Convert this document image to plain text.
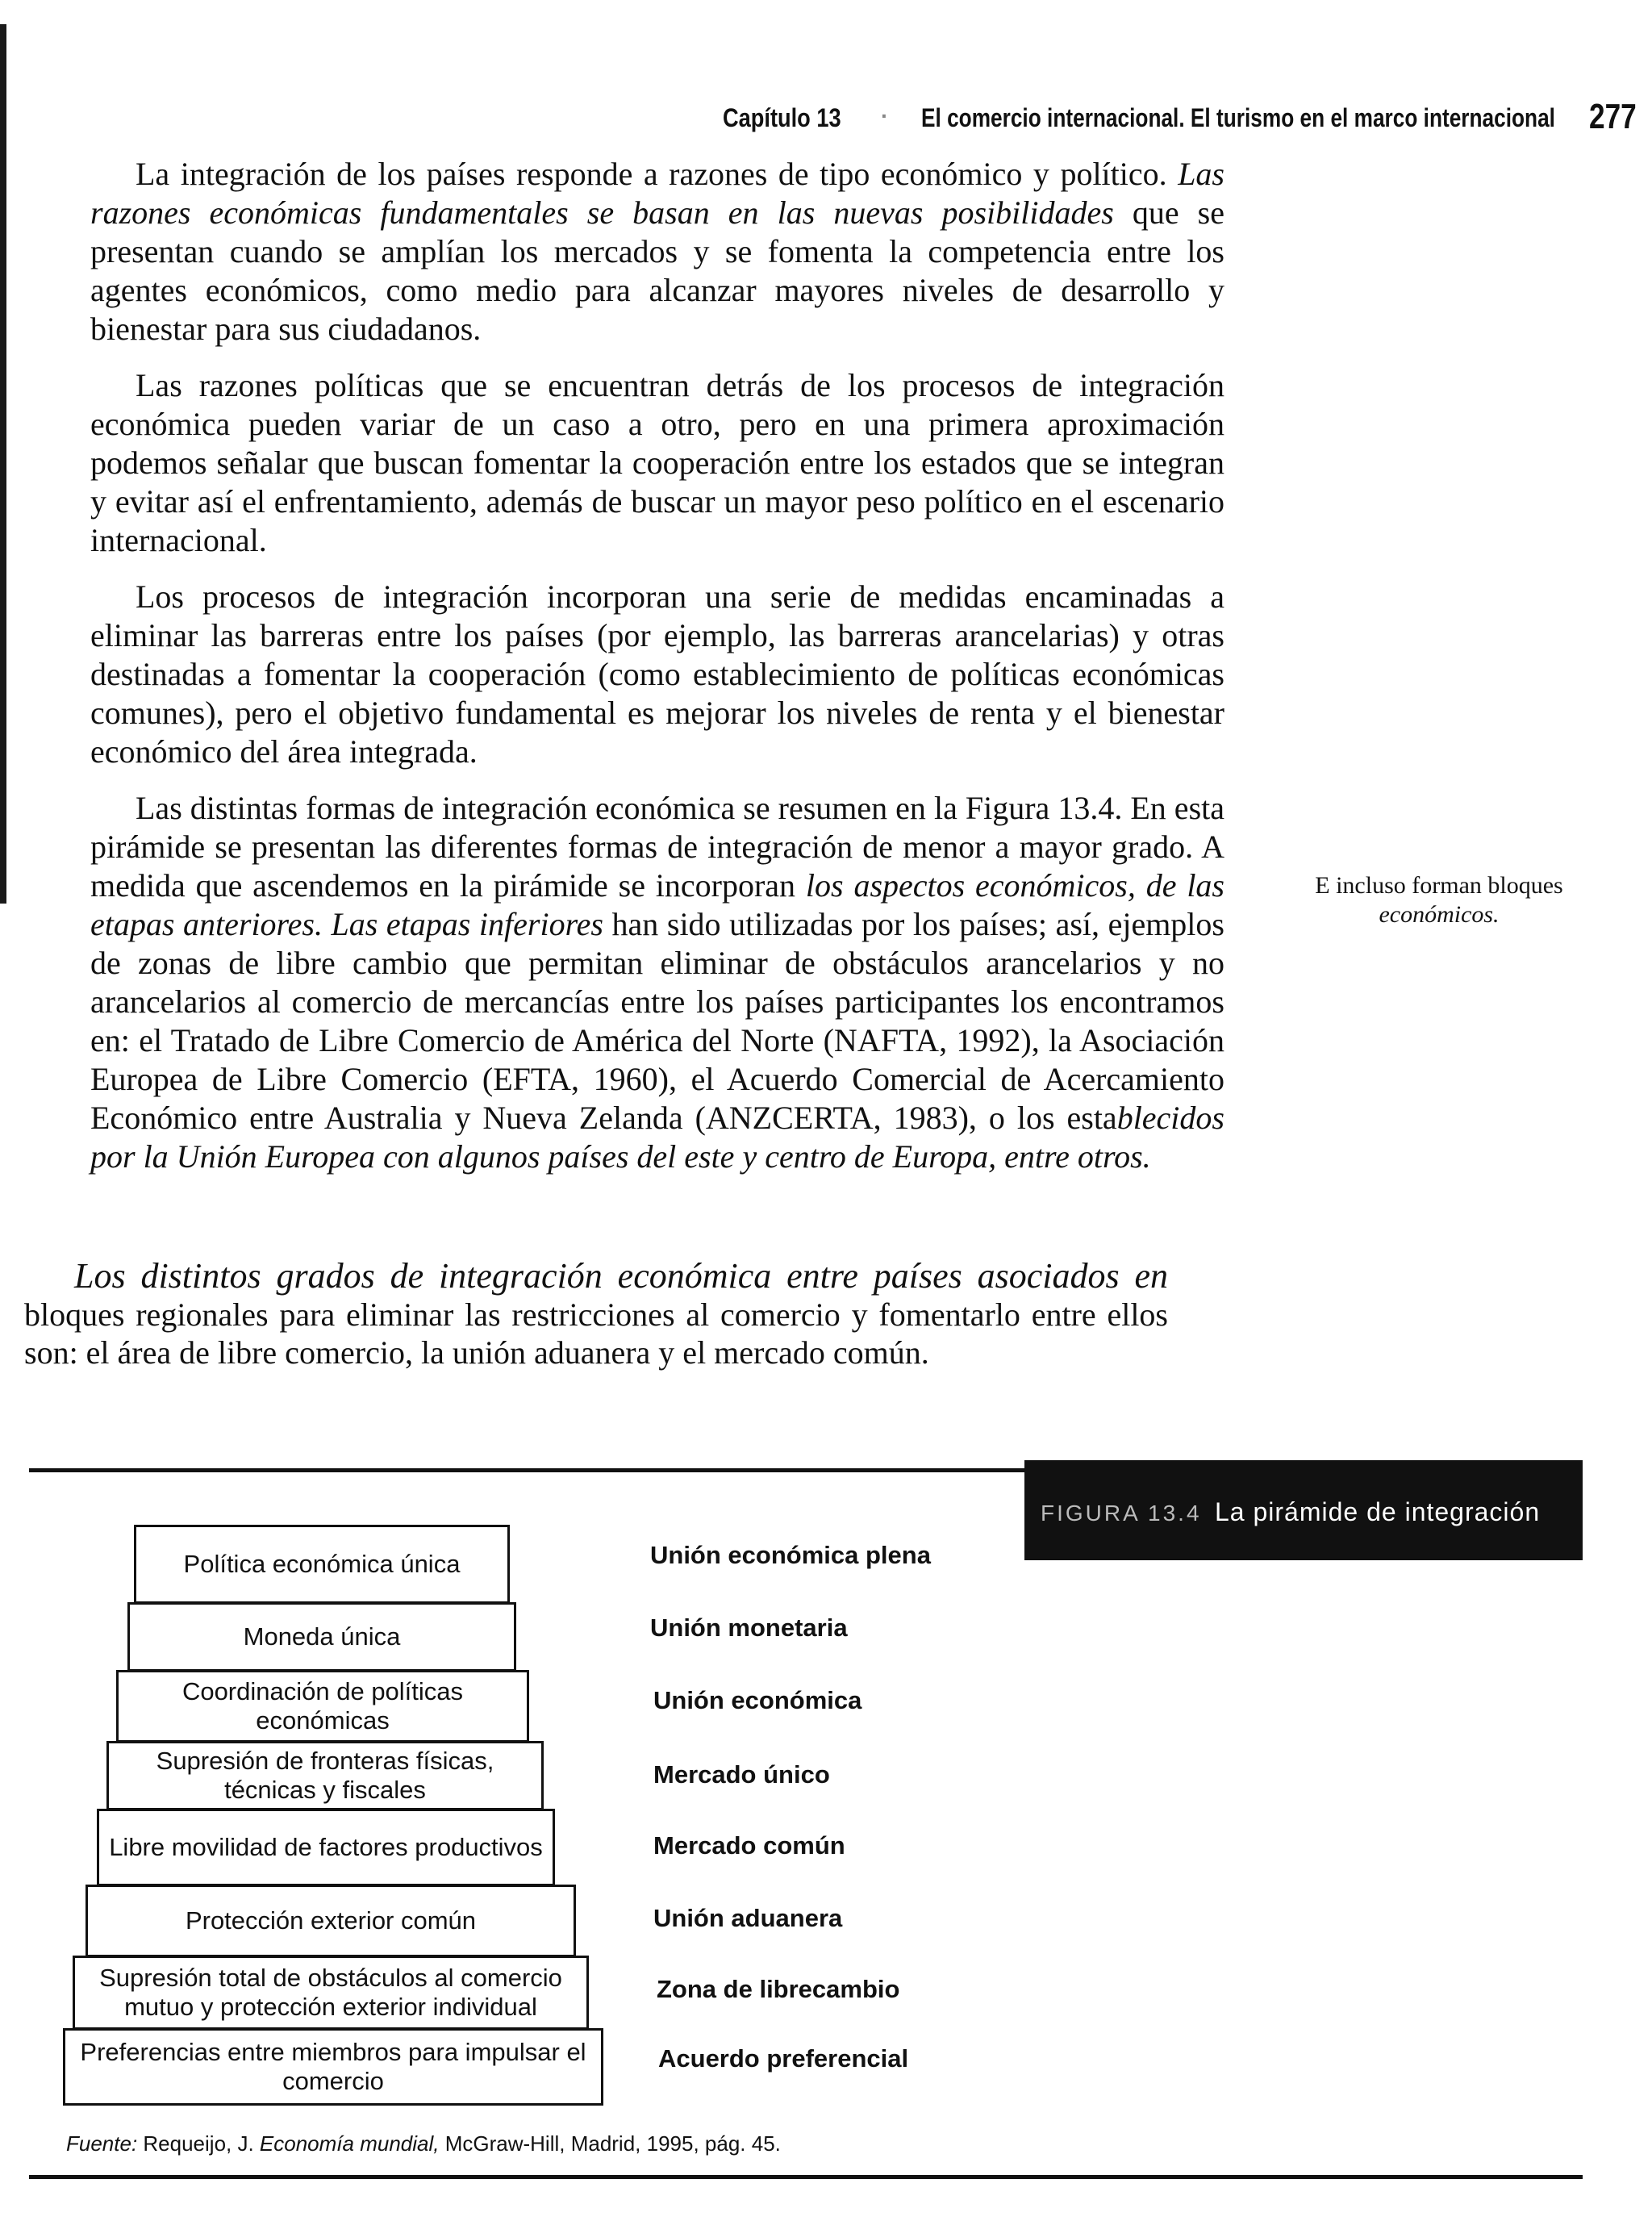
Capítulo 13 · El comercio internacional. El turismo en el marco internacional 277

La integración de los países responde a razones de tipo económico y político. Las razones económicas fundamentales se basan en las nuevas posibilidades que se presentan cuando se amplían los mercados y se fomenta la competencia entre los agentes económicos, como medio para alcanzar mayores niveles de desarrollo y bienestar para sus ciudadanos.

Las razones políticas que se encuentran detrás de los procesos de integración económica pueden variar de un caso a otro, pero en una primera aproximación podemos señalar que buscan fomentar la cooperación entre los estados que se integran y evitar así el enfrentamiento, además de buscar un mayor peso político en el escenario internacional.

Los procesos de integración incorporan una serie de medidas encaminadas a eliminar las barreras entre los países (por ejemplo, las barreras arancelarias) y otras destinadas a fomentar la cooperación (como establecimiento de políticas económicas comunes), pero el objetivo fundamental es mejorar los niveles de renta y el bienestar económico del área integrada.

Las distintas formas de integración económica se resumen en la Figura 13.4. En esta pirámide se presentan las diferentes formas de integración de menor a mayor grado. A medida que ascendemos en la pirámide se incorporan los aspectos económicos, de las etapas anteriores. Las etapas inferiores han sido utilizadas por los países; así, ejemplos de zonas de libre cambio que permitan eliminar de obstáculos arancelarios y no arancelarios al comercio de mercancías entre los países participantes los encontramos en: el Tratado de Libre Comercio de América del Norte (NAFTA, 1992), la Asociación Europea de Libre Comercio (EFTA, 1960), el Acuerdo Comercial de Acercamiento Económico entre Australia y Nueva Zelanda (ANZCERTA, 1983), o los establecidos por la Unión Europea con algunos países del este y centro de Europa, entre otros.

E incluso forman bloques
económicos.
Los distintos grados de integración económica entre países asociados en bloques regionales para eliminar las restricciones al comercio y fomentarlo entre ellos son: el área de libre comercio, la unión aduanera y el mercado común.
FIGURA 13.4 La pirámide de integración
Política económica única
Moneda única
Coordinación de políticas económicas
Supresión de fronteras físicas, técnicas y fiscales
Libre movilidad de factores productivos
Protección exterior común
Supresión total de obstáculos al comercio mutuo y protección exterior individual
Preferencias entre miembros para impulsar el comercio
Unión económica plena
Unión monetaria
Unión económica
Mercado único
Mercado común
Unión aduanera
Zona de librecambio
Acuerdo preferencial
Fuente: Requeijo, J. Economía mundial, McGraw-Hill, Madrid, 1995, pág. 45.
